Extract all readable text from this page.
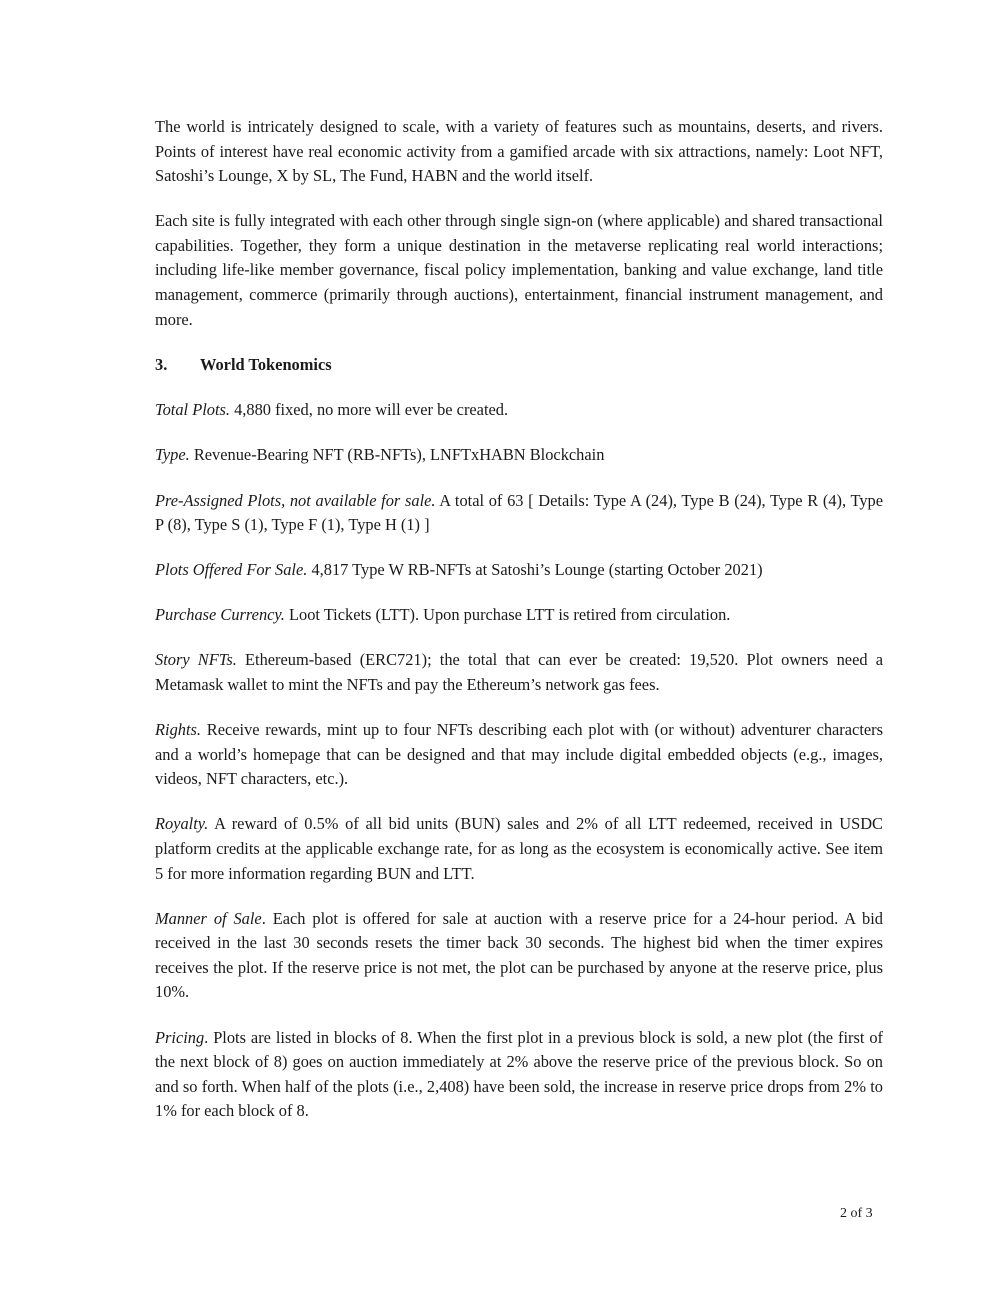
The world is intricately designed to scale, with a variety of features such as mountains, deserts, and rivers. Points of interest have real economic activity from a gamified arcade with six attractions, namely: Loot NFT, Satoshi’s Lounge, X by SL, The Fund, HABN and the world itself.

Each site is fully integrated with each other through single sign-on (where applicable) and shared transactional capabilities. Together, they form a unique destination in the metaverse replicating real world interactions; including life-like member governance, fiscal policy implementation, banking and value exchange, land title management, commerce (primarily through auctions), entertainment, financial instrument management, and more.

3.	World Tokenomics

Total Plots. 4,880 fixed, no more will ever be created.

Type. Revenue-Bearing NFT (RB-NFTs), LNFTxHABN Blockchain

Pre-Assigned Plots, not available for sale. A total of 63 [ Details: Type A (24), Type B (24), Type R (4), Type P (8), Type S (1), Type F (1), Type H (1) ]

Plots Offered For Sale. 4,817 Type W RB-NFTs at Satoshi’s Lounge (starting October 2021)

Purchase Currency. Loot Tickets (LTT). Upon purchase LTT is retired from circulation.

Story NFTs. Ethereum-based (ERC721); the total that can ever be created: 19,520. Plot owners need a Metamask wallet to mint the NFTs and pay the Ethereum’s network gas fees.

Rights. Receive rewards, mint up to four NFTs describing each plot with (or without) adventurer characters and a world’s homepage that can be designed and that may include digital embedded objects (e.g., images, videos, NFT characters, etc.).

Royalty. A reward of 0.5% of all bid units (BUN) sales and 2% of all LTT redeemed, received in USDC platform credits at the applicable exchange rate, for as long as the ecosystem is economically active. See item 5 for more information regarding BUN and LTT.

Manner of Sale. Each plot is offered for sale at auction with a reserve price for a 24-hour period. A bid received in the last 30 seconds resets the timer back 30 seconds. The highest bid when the timer expires receives the plot. If the reserve price is not met, the plot can be purchased by anyone at the reserve price, plus 10%.

Pricing. Plots are listed in blocks of 8. When the first plot in a previous block is sold, a new plot (the first of the next block of 8) goes on auction immediately at 2% above the reserve price of the previous block. So on and so forth. When half of the plots (i.e., 2,408) have been sold, the increase in reserve price drops from 2% to 1% for each block of 8.

2 of 3
